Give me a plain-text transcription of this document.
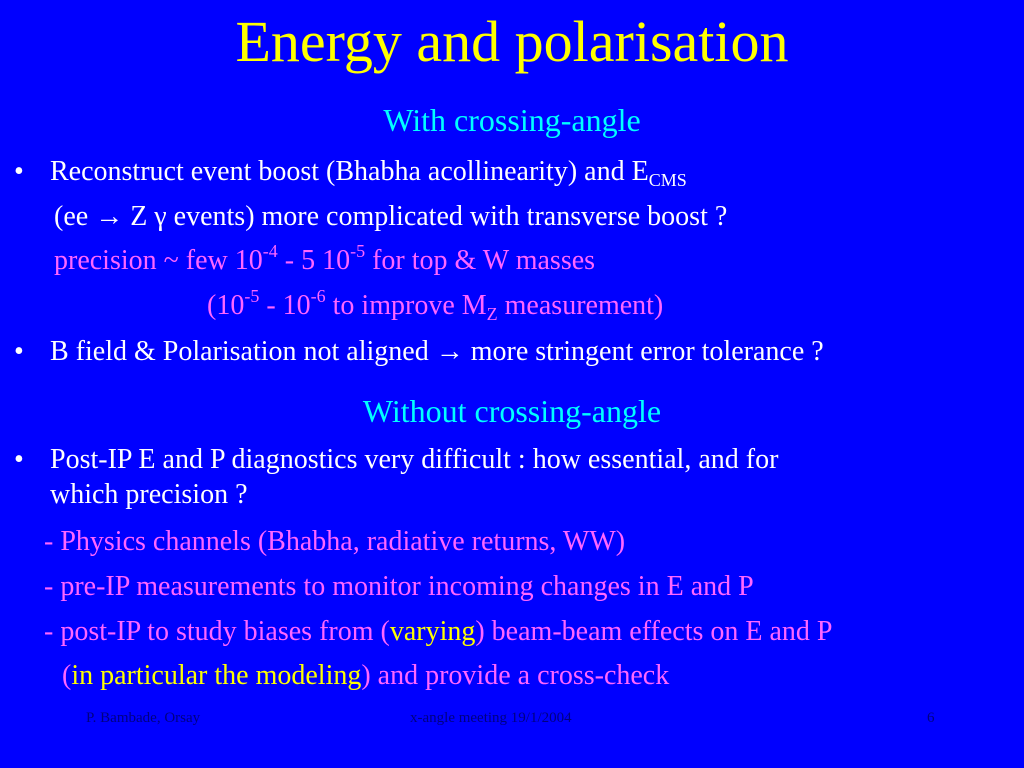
Energy and polarisation
With crossing-angle
• Reconstruct event boost (Bhabha acollinearity) and $E_{CMS}$
(ee → Z γ events) more complicated with transverse boost ?
precision ~ few $10^{-4} - 5$ $10^{-5}$ for top & W masses
($10^{-5} - 10^{-6}$ to improve $M_Z$ measurement)
• B field & Polarisation not aligned → more stringent error tolerance ?
Without crossing-angle
• Post-IP E and P diagnostics very difficult : how essential, and for
which precision ?
- Physics channels (Bhabha, radiative returns, WW)
- pre-IP measurements to monitor incoming changes in E and P
- post-IP to study biases from (varying) beam-beam effects on E and P
(in particular the modeling) and provide a cross-check
P. Bambade, Orsay	x-angle meeting 19/1/2004	6
